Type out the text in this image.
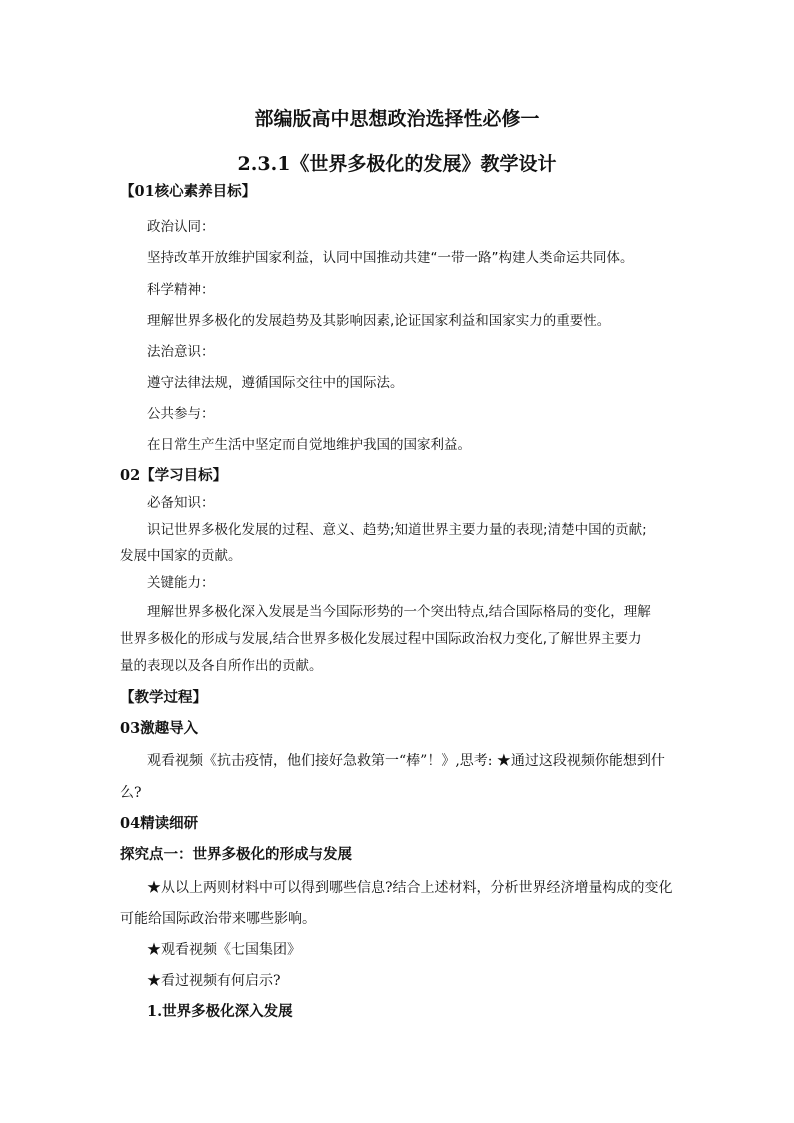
部编版高中思想政治选择性必修一
2.3.1《世界多极化的发展》教学设计

【01核心素养目标】

政治认同：

坚持改革开放维护国家利益，认同中国推动共建“一带一路”构建人类命运共同体。

科学精神：

理解世界多极化的发展趋势及其影响因素,论证国家利益和国家实力的重要性。

法治意识：

遵守法律法规，遵循国际交往中的国际法。

公共参与：

在日常生产生活中坚定而自觉地维护我国的国家利益。

02【学习目标】

必备知识：

识记世界多极化发展的过程、意义、趋势;知道世界主要力量的表现;清楚中国的贡献;

发展中国家的贡献。

关键能力：

理解世界多极化深入发展是当今国际形势的一个突出特点,结合国际格局的变化，理解

世界多极化的形成与发展,结合世界多极化发展过程中国际政治权力变化,了解世界主要力

量的表现以及各自所作出的贡献。

【教学过程】

03激趣导入

观看视频《抗击疫情，他们接好急救第一“棒”！》,思考: ★通过这段视频你能想到什

么?

04精读细研

探究点一：世界多极化的形成与发展

★从以上两则材料中可以得到哪些信息?结合上述材料，分析世界经济增量构成的变化

可能给国际政治带来哪些影响。

★观看视频《七国集团》

★看过视频有何启示?

1.世界多极化深入发展
